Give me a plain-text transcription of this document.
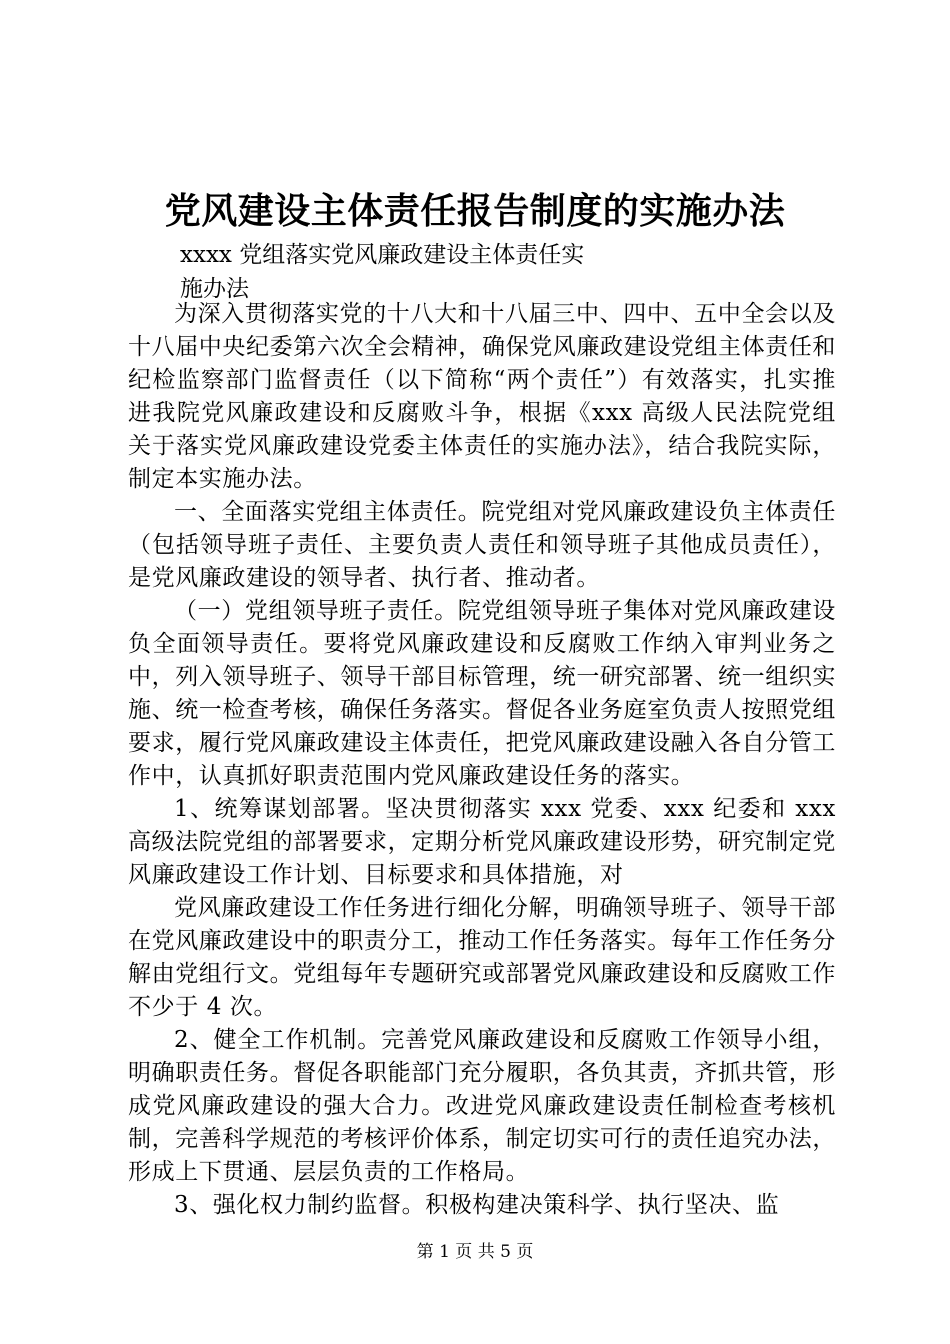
党风建设主体责任报告制度的实施办法
xxxx 党组落实党风廉政建设主体责任实
施办法

为深入贯彻落实党的十八大和十八届三中、四中、五中全会以及十八届中央纪委第六次全会精神，确保党风廉政建设党组主体责任和纪检监察部门监督责任（以下简称“两个责任”）有效落实，扎实推进我院党风廉政建设和反腐败斗争，根据《xxx 高级人民法院党组关于落实党风廉政建设党委主体责任的实施办法》，结合我院实际，制定本实施办法。

一、全面落实党组主体责任。院党组对党风廉政建设负主体责任（包括领导班子责任、主要负责人责任和领导班子其他成员责任），是党风廉政建设的领导者、执行者、推动者。

（一）党组领导班子责任。院党组领导班子集体对党风廉政建设负全面领导责任。要将党风廉政建设和反腐败工作纳入审判业务之中，列入领导班子、领导干部目标管理，统一研究部署、统一组织实施、统一检查考核，确保任务落实。督促各业务庭室负责人按照党组要求，履行党风廉政建设主体责任，把党风廉政建设融入各自分管工作中，认真抓好职责范围内党风廉政建设任务的落实。

1、统筹谋划部署。坚决贯彻落实 xxx 党委、xxx 纪委和 xxx 高级法院党组的部署要求，定期分析党风廉政建设形势，研究制定党风廉政建设工作计划、目标要求和具体措施，对

党风廉政建设工作任务进行细化分解，明确领导班子、领导干部在党风廉政建设中的职责分工，推动工作任务落实。每年工作任务分解由党组行文。党组每年专题研究或部署党风廉政建设和反腐败工作不少于 4 次。

2、健全工作机制。完善党风廉政建设和反腐败工作领导小组，明确职责任务。督促各职能部门充分履职，各负其责，齐抓共管，形成党风廉政建设的强大合力。改进党风廉政建设责任制检查考核机制，完善科学规范的考核评价体系，制定切实可行的责任追究办法，形成上下贯通、层层负责的工作格局。

3、强化权力制约监督。积极构建决策科学、执行坚决、监

第 1 页 共 5 页
